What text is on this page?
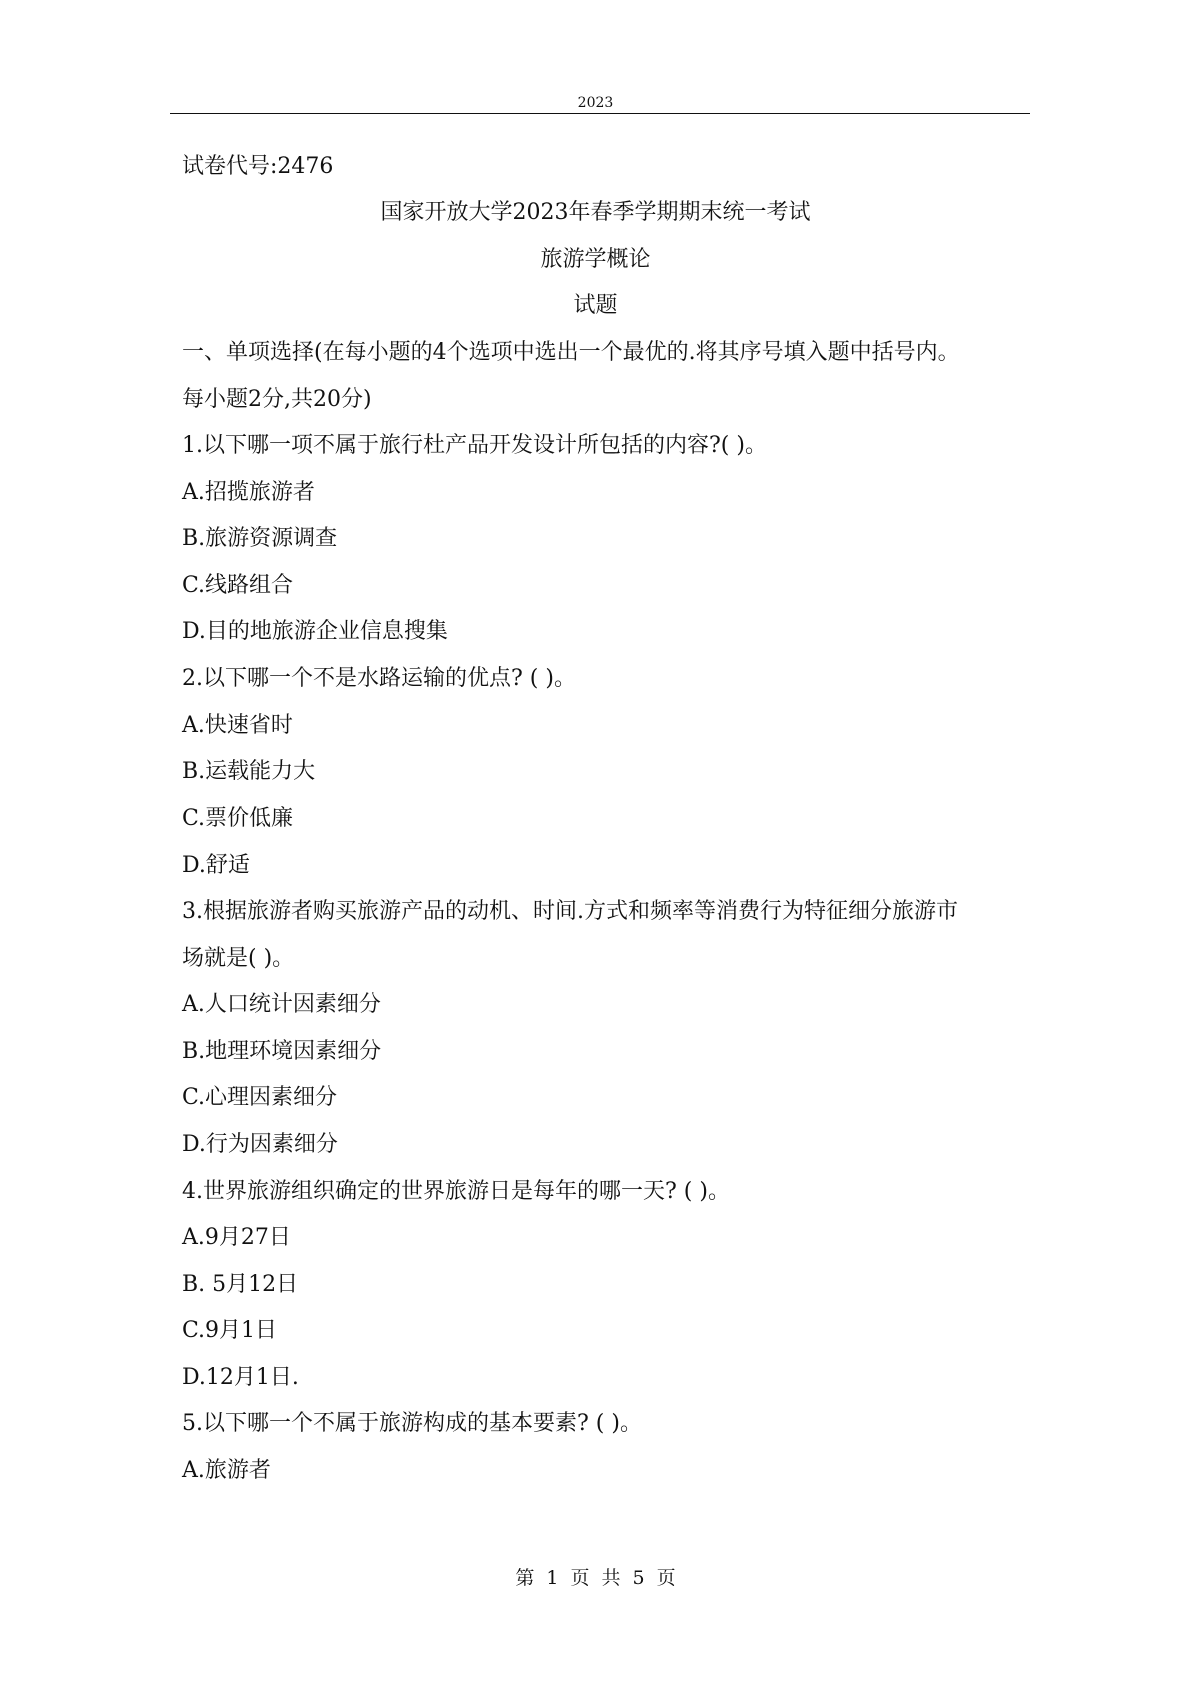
2023
试卷代号:2476
国家开放大学2023年春季学期期末统一考试
旅游学概论
试题
一、单项选择(在每小题的4个选项中选出一个最优的.将其序号填入题中括号内。
每小题2分,共20分)
1.以下哪一项不属于旅行杜产品开发设计所包括的内容?( )。
A.招揽旅游者
B.旅游资源调查
C.线路组合
D.目的地旅游企业信息搜集
2.以下哪一个不是水路运输的优点? ( )。
A.快速省时
B.运载能力大
C.票价低廉
D.舒适
3.根据旅游者购买旅游产品的动机、时间.方式和频率等消费行为特征细分旅游市
场就是( )。
A.人口统计因素细分
B.地理环境因素细分
C.心理因素细分
D.行为因素细分
4.世界旅游组织确定的世界旅游日是每年的哪一天? ( )。
A.9月27日
B. 5月12日
C.9月1日
D.12月1日.
5.以下哪一个不属于旅游构成的基本要素? ( )。
A.旅游者
第 1 页 共 5 页
